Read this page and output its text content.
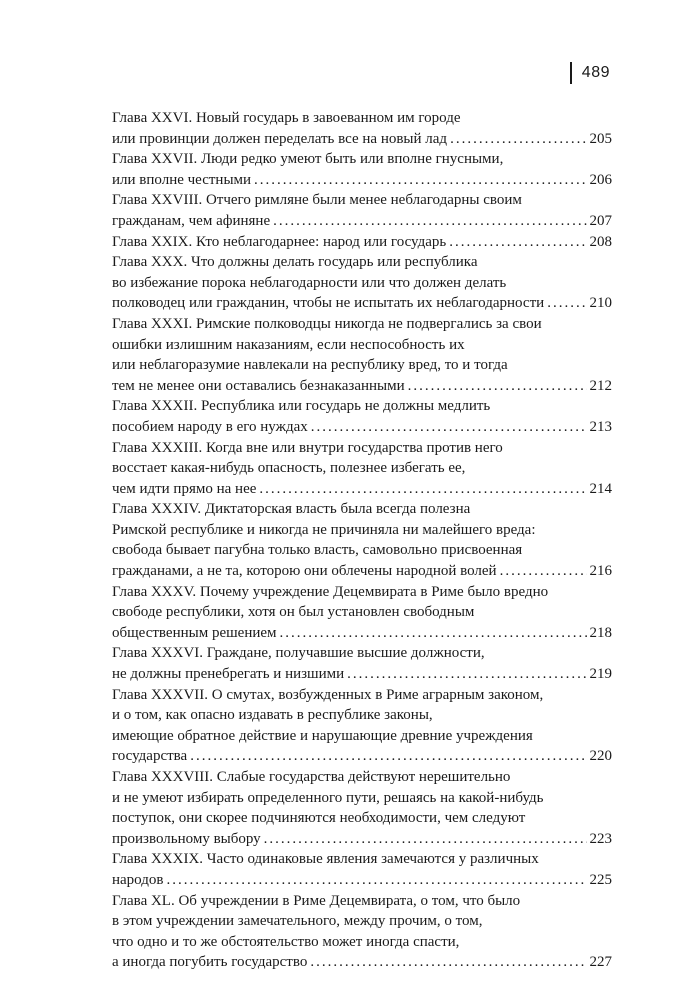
489
Глава XXVI. Новый государь в завоеванном им городе
или провинции должен переделать все на новый лад .....	205
Глава XXVII. Люди редко умеют быть или вполне гнусными,
или вполне честными .....	206
Глава XXVIII. Отчего римляне были менее неблагодарны своим
гражданам, чем афиняне .....	207
Глава XXIX. Кто неблагодарнее: народ или государь .....	208
Глава XXX. Что должны делать государь или республика
во избежание порока неблагодарности или что должен делать
полководец или гражданин, чтобы не испытать их неблагодарности .....	210
Глава XXXI. Римские полководцы никогда не подвергались за свои
ошибки излишним наказаниям, если неспособность их
или неблагоразумие навлекали на республику вред, то и тогда
тем не менее они оставались безнаказанными .....	212
Глава XXXII. Республика или государь не должны медлить
пособием народу в его нуждах .....	213
Глава XXXIII. Когда вне или внутри государства против него
восстает какая-нибудь опасность, полезнее избегать ее,
чем идти прямо на нее .....	214
Глава XXXIV. Диктаторская власть была всегда полезна
Римской республике и никогда не причиняла ни малейшего вреда:
свобода бывает пагубна только власть, самовольно присвоенная
гражданами, а не та, которою они облечены народной волей .....	216
Глава XXXV. Почему учреждение Децемвирата в Риме было вредно
свободе республики, хотя он был установлен свободным
общественным решением .....	218
Глава XXXVI. Граждане, получавшие высшие должности,
не должны пренебрегать и низшими .....	219
Глава XXXVII. О смутах, возбужденных в Риме аграрным законом,
и о том, как опасно издавать в республике законы,
имеющие обратное действие и нарушающие древние учреждения
государства .....	220
Глава XXXVIII. Слабые государства действуют нерешительно
и не умеют избирать определенного пути, решаясь на какой-нибудь
поступок, они скорее подчиняются необходимости, чем следуют
произвольному выбору .....	223
Глава XXXIX. Часто одинаковые явления замечаются у различных
народов .....	225
Глава XL. Об учреждении в Риме Децемвирата, о том, что было
в этом учреждении замечательного, между прочим, о том,
что одно и то же обстоятельство может иногда спасти,
а иногда погубить государство .....	227
